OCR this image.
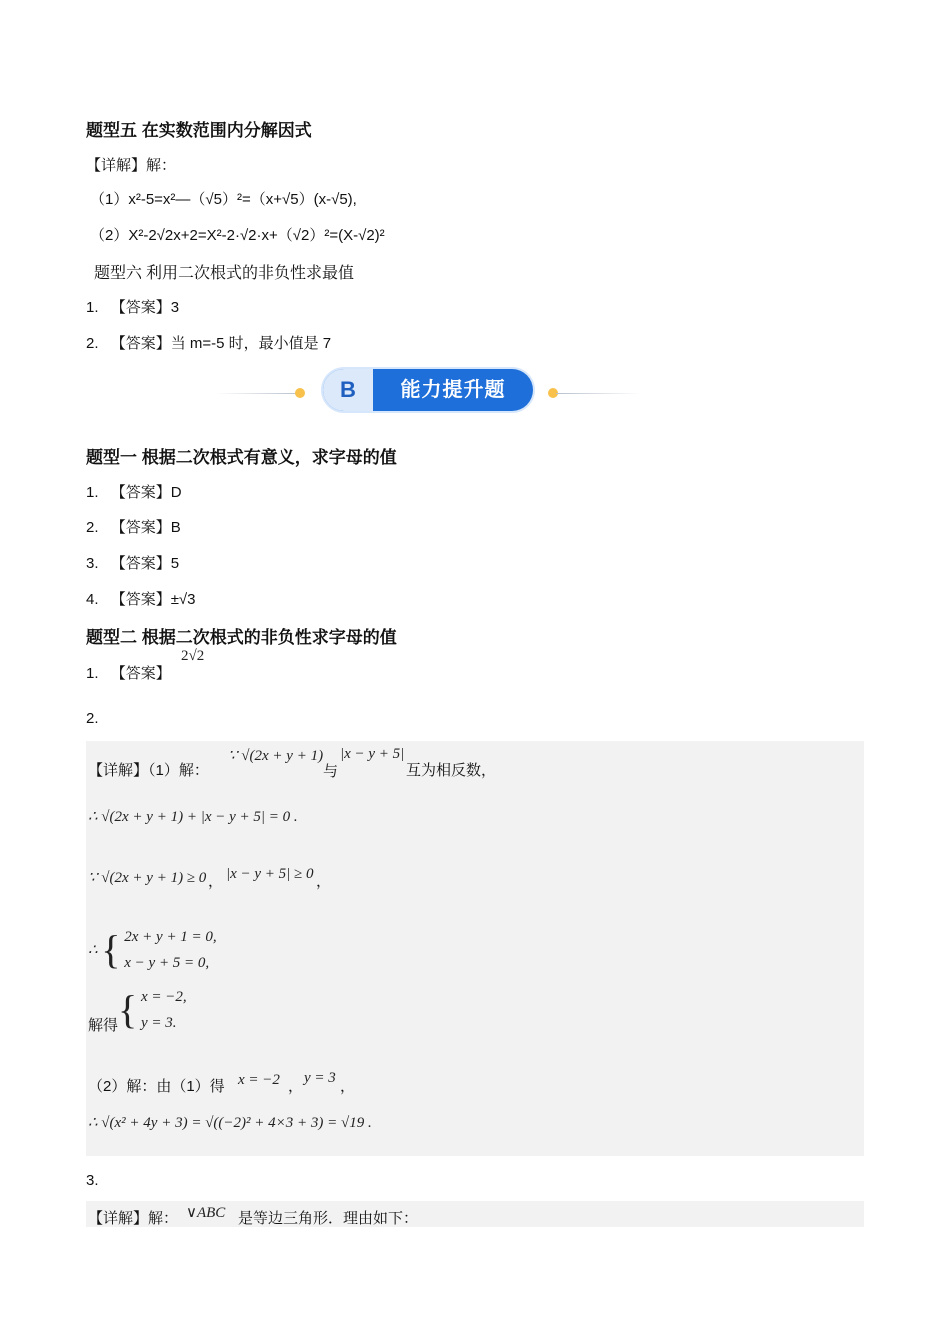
题型五 在实数范围内分解因式
【详解】解：
（1）x²-5=x²—（√5）²=（x+√5）(x-√5),
（2）X²-2√2x+2=X²-2·√2·x+（√2）²=(X-√2)²
题型六 利用二次根式的非负性求最值
1. 【答案】3
2. 【答案】当 m=-5 时，最小值是 7
B	能力提升题
题型一 根据二次根式有意义，求字母的值
1. 【答案】D
2. 【答案】B
3. 【答案】5
4. 【答案】±√3
题型二 根据二次根式的非负性求字母的值
1. 【答案】
2√2
2.
【详解】（1）解：
∵ √(2x + y + 1)
与
|x − y + 5|
互为相反数，
∴ √(2x + y + 1) + |x − y + 5| = 0 .
∵ √(2x + y + 1) ≥ 0 ， |x − y + 5| ≥ 0 ，
∴ { 2x + y + 1 = 0,
x − y + 5 = 0,
解得 { x = −2,
y = 3.
（2）解：由（1）得 x = −2 ， y = 3 ，
∴ √(x² + 4y + 3) = √((−2)² + 4×3 + 3) = √19 .
3.
【详解】解： ∨ABC 是等边三角形．理由如下：
